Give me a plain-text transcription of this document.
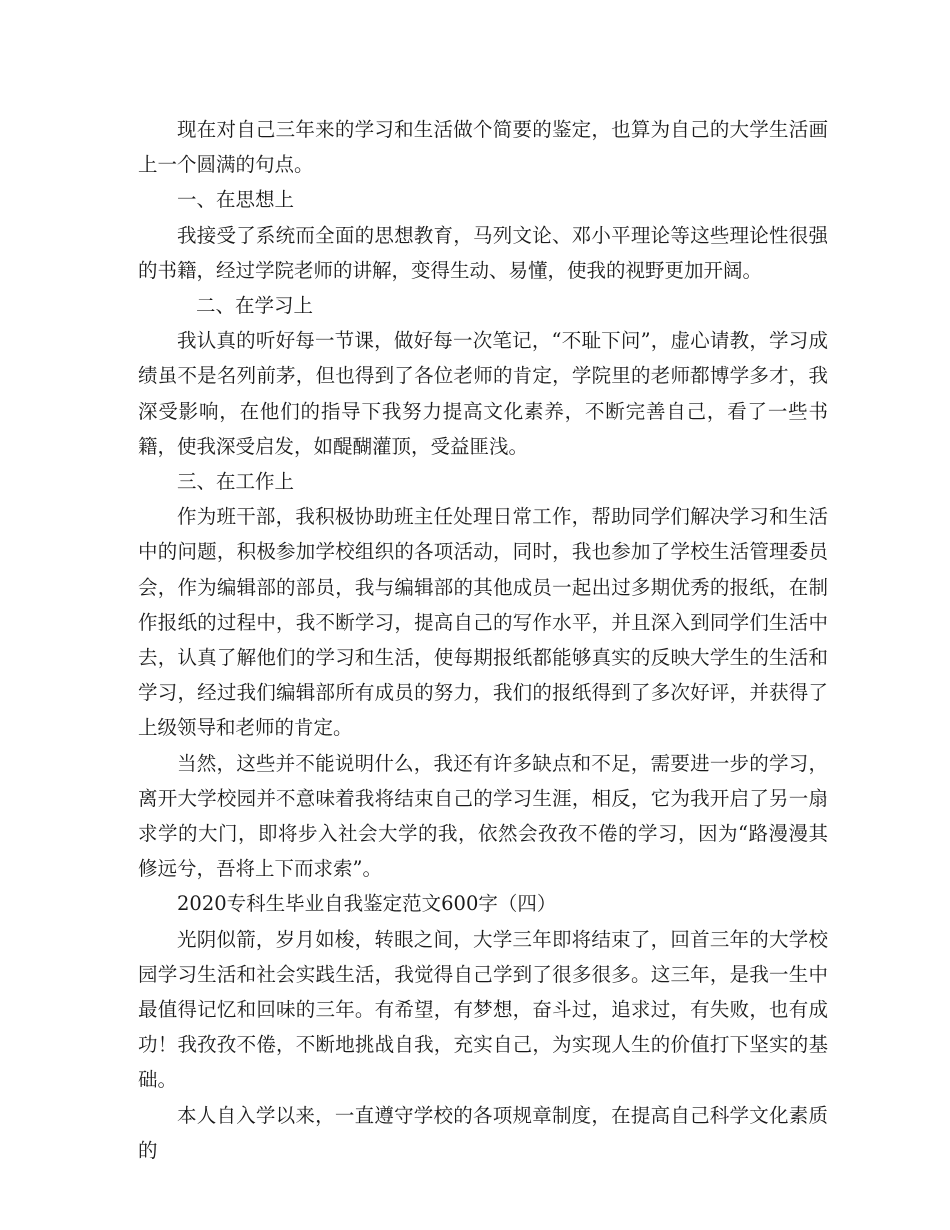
现在对自己三年来的学习和生活做个简要的鉴定，也算为自己的大学生活画上一个圆满的句点。

一、在思想上

我接受了系统而全面的思想教育，马列文论、邓小平理论等这些理论性很强的书籍，经过学院老师的讲解，变得生动、易懂，使我的视野更加开阔。

二、在学习上

我认真的听好每一节课，做好每一次笔记，“不耻下问”，虚心请教，学习成绩虽不是名列前茅，但也得到了各位老师的肯定，学院里的老师都博学多才，我深受影响，在他们的指导下我努力提高文化素养，不断完善自己，看了一些书籍，使我深受启发，如醍醐灌顶，受益匪浅。

三、在工作上

作为班干部，我积极协助班主任处理日常工作，帮助同学们解决学习和生活中的问题，积极参加学校组织的各项活动，同时，我也参加了学校生活管理委员会，作为编辑部的部员，我与编辑部的其他成员一起出过多期优秀的报纸，在制作报纸的过程中，我不断学习，提高自己的写作水平，并且深入到同学们生活中去，认真了解他们的学习和生活，使每期报纸都能够真实的反映大学生的生活和学习，经过我们编辑部所有成员的努力，我们的报纸得到了多次好评，并获得了上级领导和老师的肯定。

当然，这些并不能说明什么，我还有许多缺点和不足，需要进一步的学习，离开大学校园并不意味着我将结束自己的学习生涯，相反，它为我开启了另一扇求学的大门，即将步入社会大学的我，依然会孜孜不倦的学习，因为“路漫漫其修远兮，吾将上下而求索”。

2020专科生毕业自我鉴定范文600字（四）

光阴似箭，岁月如梭，转眼之间，大学三年即将结束了，回首三年的大学校园学习生活和社会实践生活，我觉得自己学到了很多很多。这三年，是我一生中最值得记忆和回味的三年。有希望，有梦想，奋斗过，追求过，有失败，也有成功！我孜孜不倦，不断地挑战自我，充实自己，为实现人生的价值打下坚实的基础。

本人自入学以来，一直遵守学校的各项规章制度，在提高自己科学文化素质的
